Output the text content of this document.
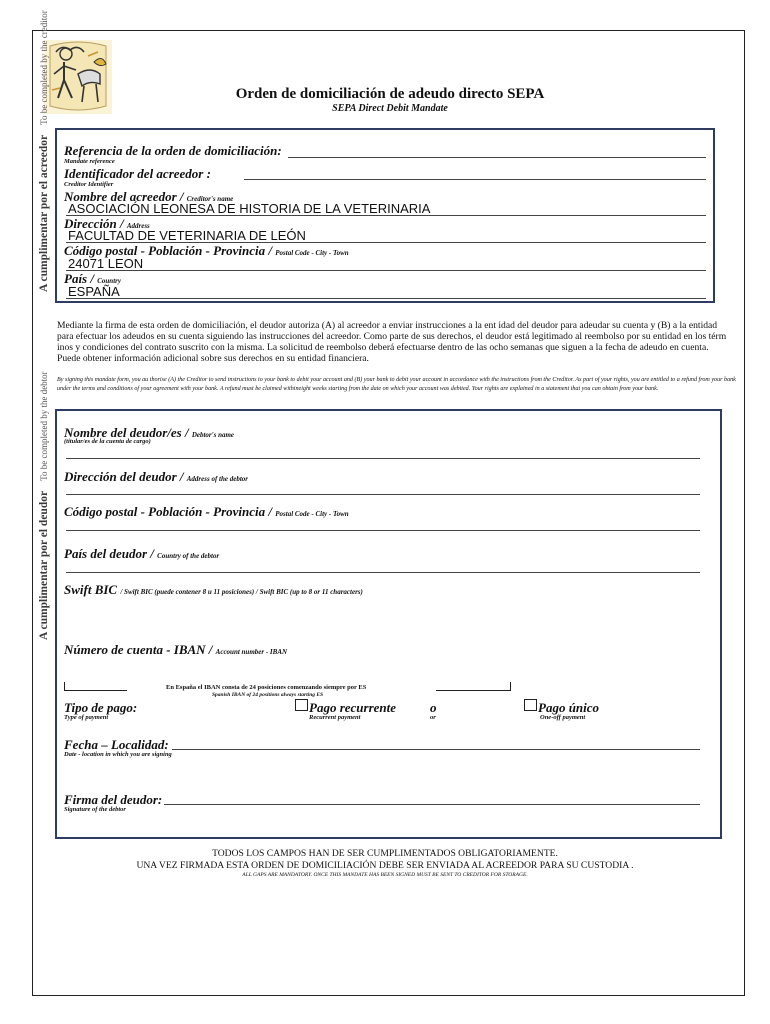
Orden de domiciliación de adeudo directo SEPA
SEPA Direct Debit Mandate
A cumplimentar por el acreedor To be completed by the creditor
Referencia de la orden de domiciliación:
Mandate reference
Identificador del acreedor :
Creditor Identifier
Nombre del acreedor / Creditor's name
ASOCIACIÓN LEONESA DE HISTORIA DE LA VETERINARIA
Dirección / Address
FACULTAD DE VETERINARIA DE LEÓN
Código postal - Población - Provincia / Postal Code - City - Town
24071 LEON
País / Country
ESPAÑA
Mediante la firma de esta orden de domiciliación, el deudor autoriza (A) al acreedor a enviar instrucciones a la ent idad del deudor para adeudar su cuenta y (B) a la entidad para efectuar los adeudos en su cuenta siguiendo las instrucciones del acreedor. Como parte de sus derechos, el deudor está legitimado al reembolso por su entidad en los térm inos y condiciones del contrato suscrito con la misma. La solicitud de reembolso deberá efectuarse dentro de las ocho semanas que siguen a la fecha de adeudo en cuenta. Puede obtener información adicional sobre sus derechos en su entidad financiera.
By signing this mandate form, you au thorise (A) the Creditor to send instructions to your bank to debit your account and (B) your bank to debit your account in accordance with the instructions from the Creditor. As part of your rights, you are entitled to a refund from your bank under the terms and conditions of your agreement with your bank. A refund must be claimed withineight weeks starting from the date on which your account was debited. Your rights are explained in a statement that you can obtain from your bank.
A cumplimentar por el deudor To be completed by the debtor Nombre del deudor/es / Debtor's name
(titular/es de la cuenta de cargo)
Dirección del deudor / Address of the debtor
Código postal - Población - Provincia / Postal Code - City - Town
País del deudor / Country of the debtor
Swift BIC / Swift BIC (puede contener 8 u 11 posiciones) / Swift BIC (up to 8 or 11 characters)
Número de cuenta - IBAN / Account number - IBAN
En España el IBAN consta de 24 posiciones comenzando siempre por ES
Spanish IBAN of 24 positions always starting ES
Tipo de pago:
Type of payment
Pago recurrente
Recurrent payment
o
or
Pago único
One-off payment
Fecha – Localidad:
Date - location in which you are signing
Firma del deudor:
Signature of the debtor
TODOS LOS CAMPOS HAN DE SER CUMPLIMENTADOS OBLIGATORIAMENTE.
UNA VEZ FIRMADA ESTA ORDEN DE DOMICILIACIÓN DEBE SER ENVIADA AL ACREEDOR PARA SU CUSTODIA .
ALL GAPS ARE MANDATORY. ONCE THIS MANDATE HAS BEEN SIGNED MUST BE SENT TO CREDITOR FOR STORAGE.
